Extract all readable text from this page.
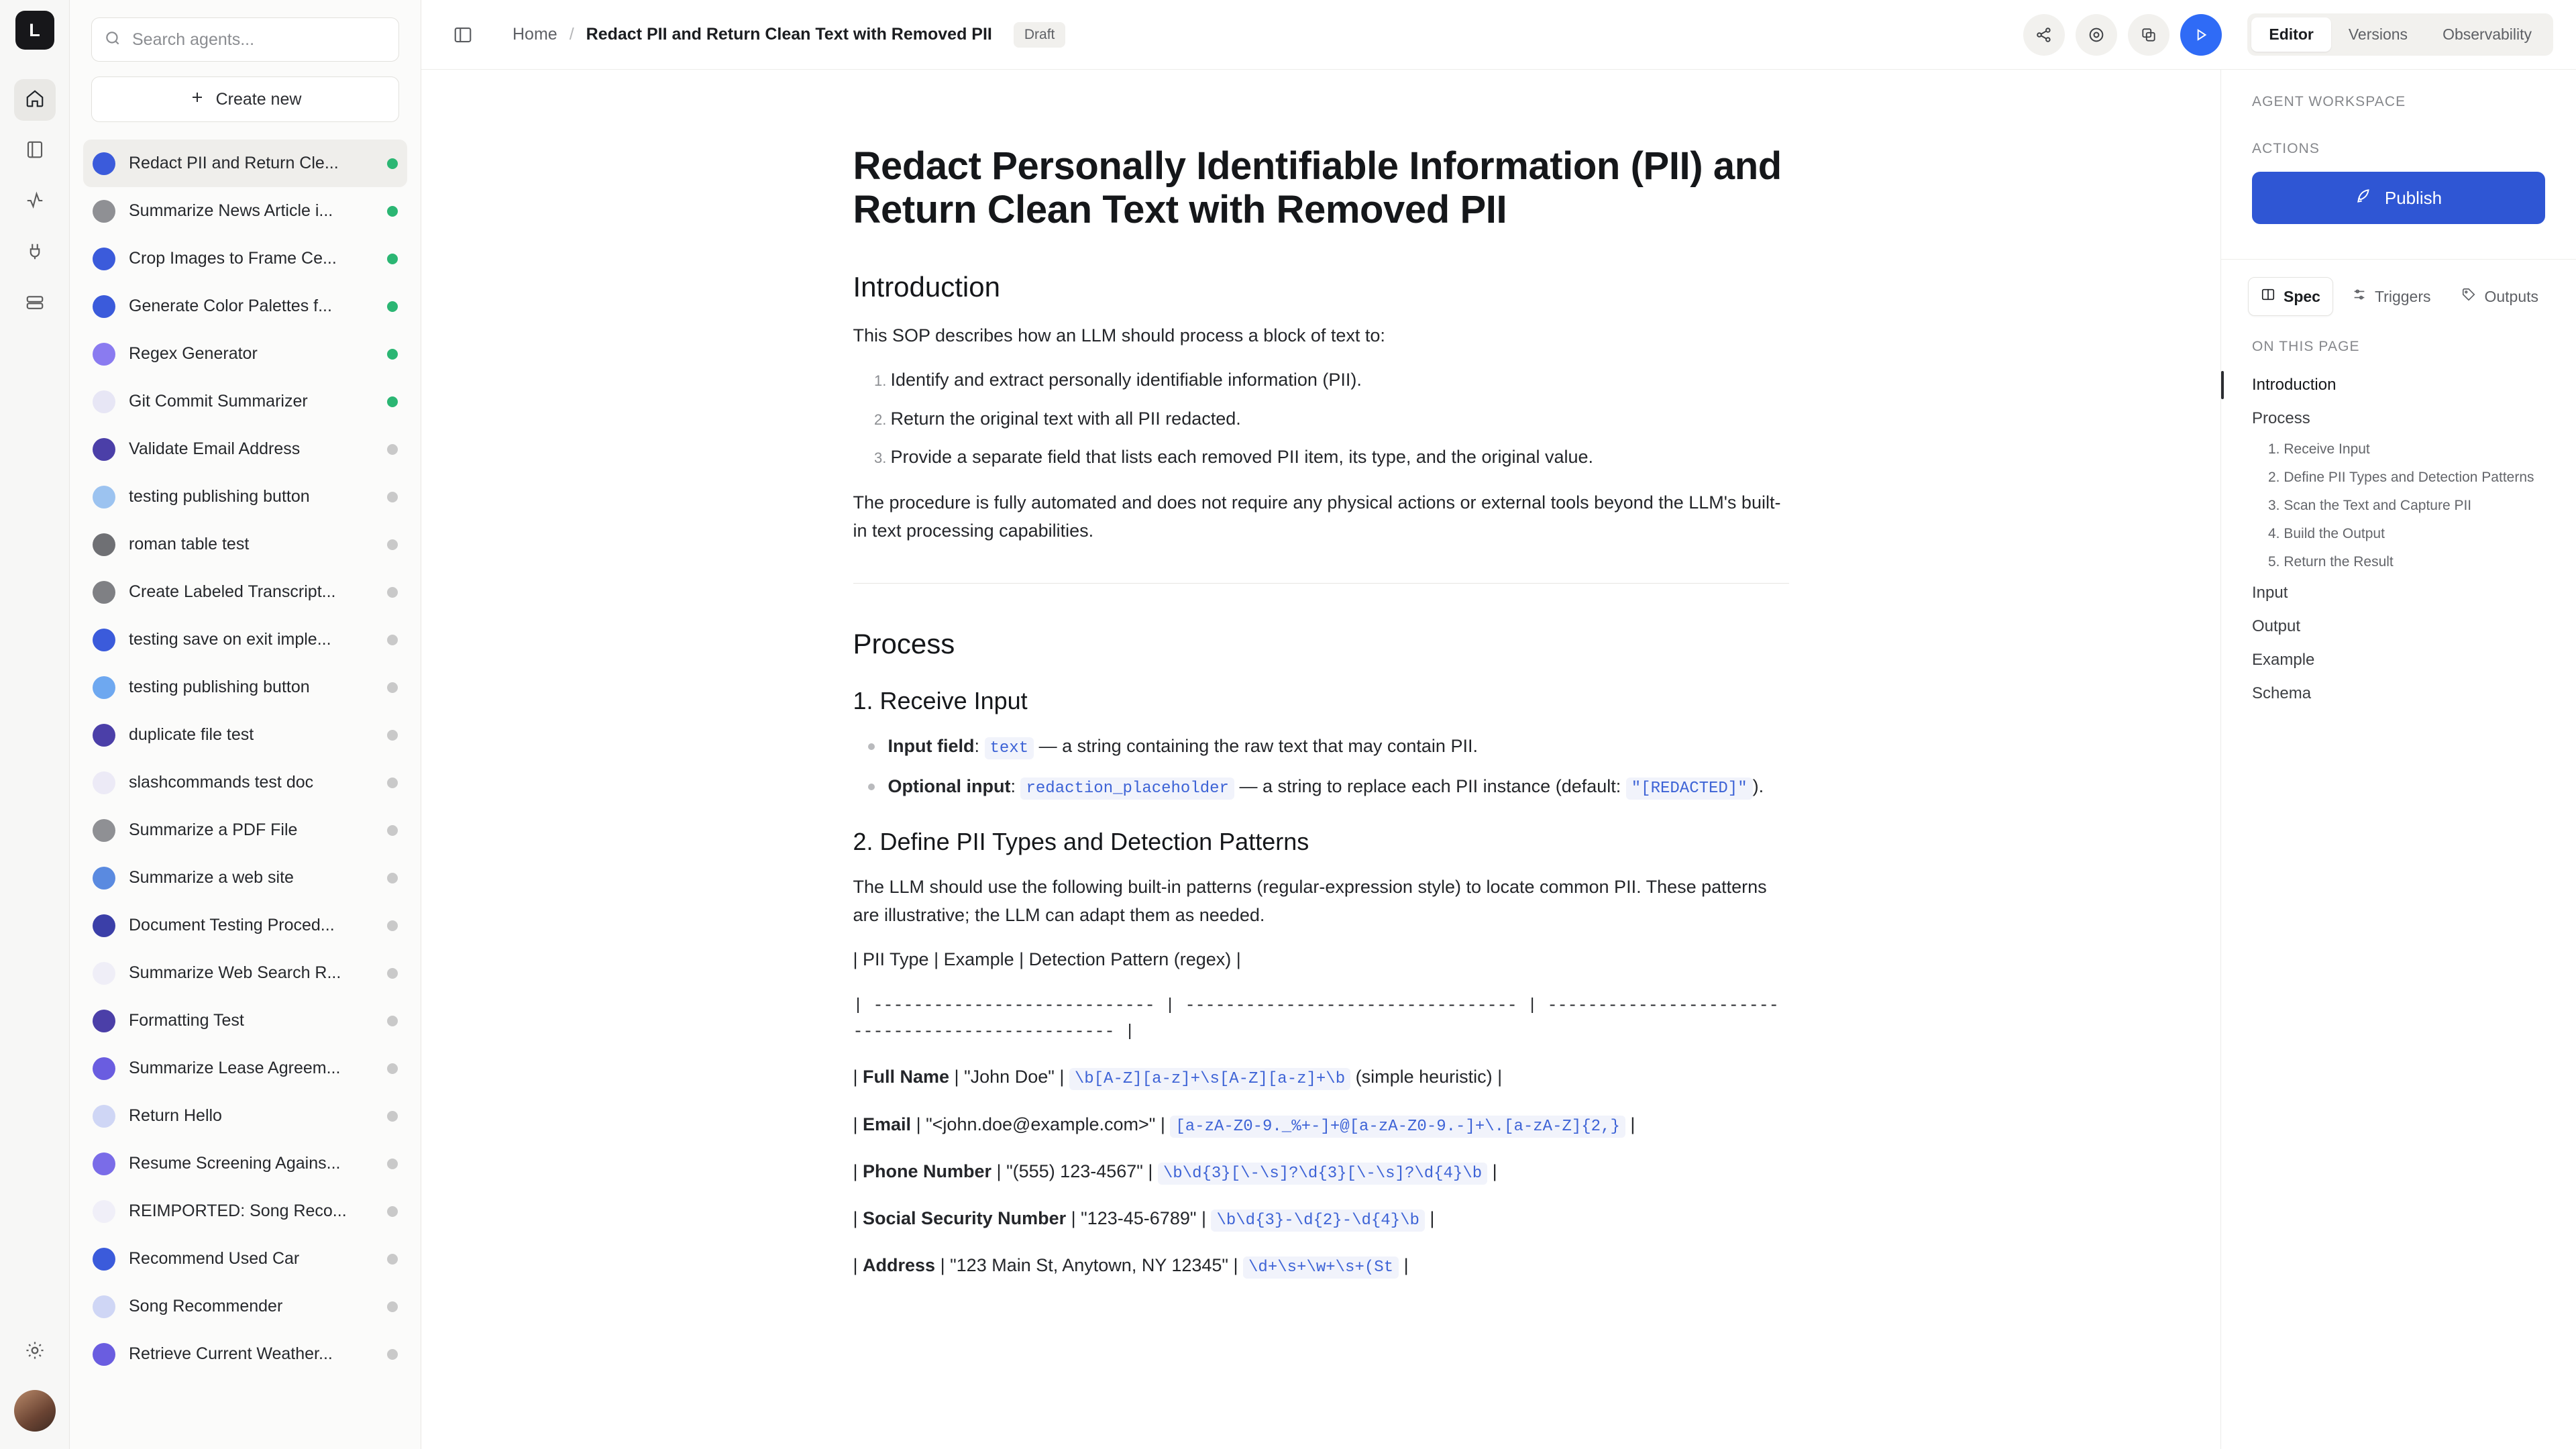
L
Search agents...
Create new
Redact PII and Return Cle...
Summarize News Article i...
Crop Images to Frame Ce...
Generate Color Palettes f...
Regex Generator
Git Commit Summarizer
Validate Email Address
testing publishing button
roman table test
Create Labeled Transcript...
testing save on exit imple...
testing publishing button
duplicate file test
slashcommands test doc
Summarize a PDF File
Summarize a web site
Document Testing Proced...
Summarize Web Search R...
Formatting Test
Summarize Lease Agreem...
Return Hello
Resume Screening Agains...
REIMPORTED: Song Reco...
Recommend Used Car
Song Recommender
Retrieve Current Weather...
Home / Redact PII and Return Clean Text with Removed PII	Draft	Editor	Versions	Observability
Redact Personally Identifiable Information (PII) and Return Clean Text with Removed PII
Introduction

This SOP describes how an LLM should process a block of text to:

1. Identify and extract personally identifiable information (PII).
2. Return the original text with all PII redacted.
3. Provide a separate field that lists each removed PII item, its type, and the original value.

The procedure is fully automated and does not require any physical actions or external tools beyond the LLM's built-in text processing capabilities.

Process
1. Receive Input
Input field: text — a string containing the raw text that may contain PII.
Optional input: redaction_placeholder — a string to replace each PII instance (default: "[REDACTED]" ).
2. Define PII Types and Detection Patterns

The LLM should use the following built-in patterns (regular-expression style) to locate common PII. These patterns are illustrative; the LLM can adapt them as needed.

| PII Type | Example | Detection Pattern (regex) |
| ---------------------------- | --------------------------------- | ------------------------------------------------- |
| Full Name | "John Doe" | \b[A-Z][a-z]+\s[A-Z][a-z]+\b (simple heuristic) |
| Email | "<john.doe@example.com>" | [a-zA-Z0-9._%+-]+@[a-zA-Z0-9.-]+\.[a-zA-Z]{2,} |
| Phone Number | "(555) 123-4567" | \b\d{3}[\-\s]?\d{3}[\-\s]?\d{4}\b |
| Social Security Number | "123-45-6789" | \b\d{3}-\d{2}-\d{4}\b |
| Address | "123 Main St, Anytown, NY 12345" | \d+\s+\w+\s+(St |
AGENT WORKSPACE
ACTIONS
Publish
Spec	Triggers	Outputs
ON THIS PAGE
Introduction
Process
1. Receive Input
2. Define PII Types and Detection Patterns
3. Scan the Text and Capture PII
4. Build the Output
5. Return the Result
Input
Output
Example
Schema
